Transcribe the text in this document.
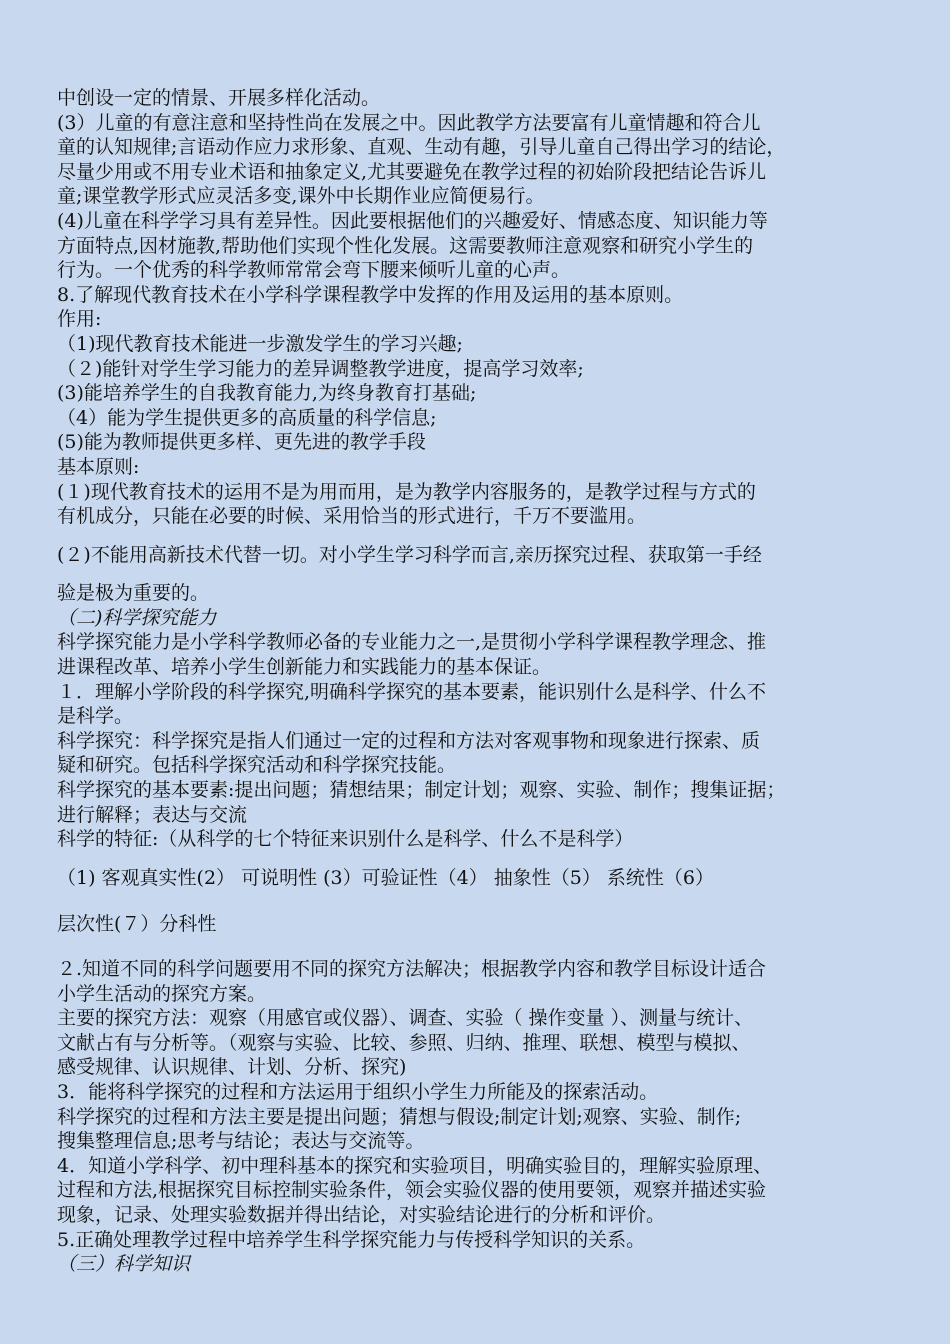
中创设一定的情景、开展多样化活动。
(3）儿童的有意注意和坚持性尚在发展之中。因此教学方法要富有儿童情趣和符合儿
童的认知规律;言语动作应力求形象、直观、生动有趣，引导儿童自己得出学习的结论，
尽量少用或不用专业术语和抽象定义,尤其要避免在教学过程的初始阶段把结论告诉儿
童;课堂教学形式应灵活多变,课外中长期作业应简便易行。
(4)儿童在科学学习具有差异性。因此要根据他们的兴趣爱好、情感态度、知识能力等
方面特点,因材施教,帮助他们实现个性化发展。这需要教师注意观察和研究小学生的
行为。一个优秀的科学教师常常会弯下腰来倾听儿童的心声。
8.了解现代教育技术在小学科学课程教学中发挥的作用及运用的基本原则。
作用:
（1)现代教育技术能进一步激发学生的学习兴趣;
（２)能针对学生学习能力的差异调整教学进度，提高学习效率;
(3)能培养学生的自我教育能力,为终身教育打基础;
（4）能为学生提供更多的高质量的科学信息;
(5)能为教师提供更多样、更先进的教学手段
基本原则:
(１)现代教育技术的运用不是为用而用，是为教学内容服务的，是教学过程与方式的
有机成分，只能在必要的时候、采用恰当的形式进行，千万不要滥用。
(２)不能用高新技术代替一切。对小学生学习科学而言,亲历探究过程、获取第一手经
验是极为重要的。
（二)科学探究能力
科学探究能力是小学科学教师必备的专业能力之一,是贯彻小学科学课程教学理念、推
进课程改革、培养小学生创新能力和实践能力的基本保证。
１．理解小学阶段的科学探究,明确科学探究的基本要素，能识别什么是科学、什么不
是科学。
科学探究：科学探究是指人们通过一定的过程和方法对客观事物和现象进行探索、质
疑和研究。包括科学探究活动和科学探究技能。
科学探究的基本要素:提出问题；猜想结果；制定计划；观察、实验、制作；搜集证据；
进行解释；表达与交流
科学的特征:（从科学的七个特征来识别什么是科学、什么不是科学）
（1) 客观真实性(2） 可说明性 (3）可验证性（4） 抽象性（5） 系统性（6）
层次性(７）分科性
２.知道不同的科学问题要用不同的探究方法解决；根据教学内容和教学目标设计适合
小学生活动的探究方案。
主要的探究方法：观察（用感官或仪器）、调查、实验（ 操作变量 ）、测量与统计、
文献占有与分析等。（观察与实验、比较、参照、归纳、推理、联想、模型与模拟、
感受规律、认识规律、计划、分析、探究)
3．能将科学探究的过程和方法运用于组织小学生力所能及的探索活动。
科学探究的过程和方法主要是提出问题；猜想与假设;制定计划;观察、实验、制作;
搜集整理信息;思考与结论；表达与交流等。
4．知道小学科学、初中理科基本的探究和实验项目，明确实验目的，理解实验原理、
过程和方法,根据探究目标控制实验条件，领会实验仪器的使用要领，观察并描述实验
现象，记录、处理实验数据并得出结论，对实验结论进行的分析和评价。
5.正确处理教学过程中培养学生科学探究能力与传授科学知识的关系。
（三）科学知识
